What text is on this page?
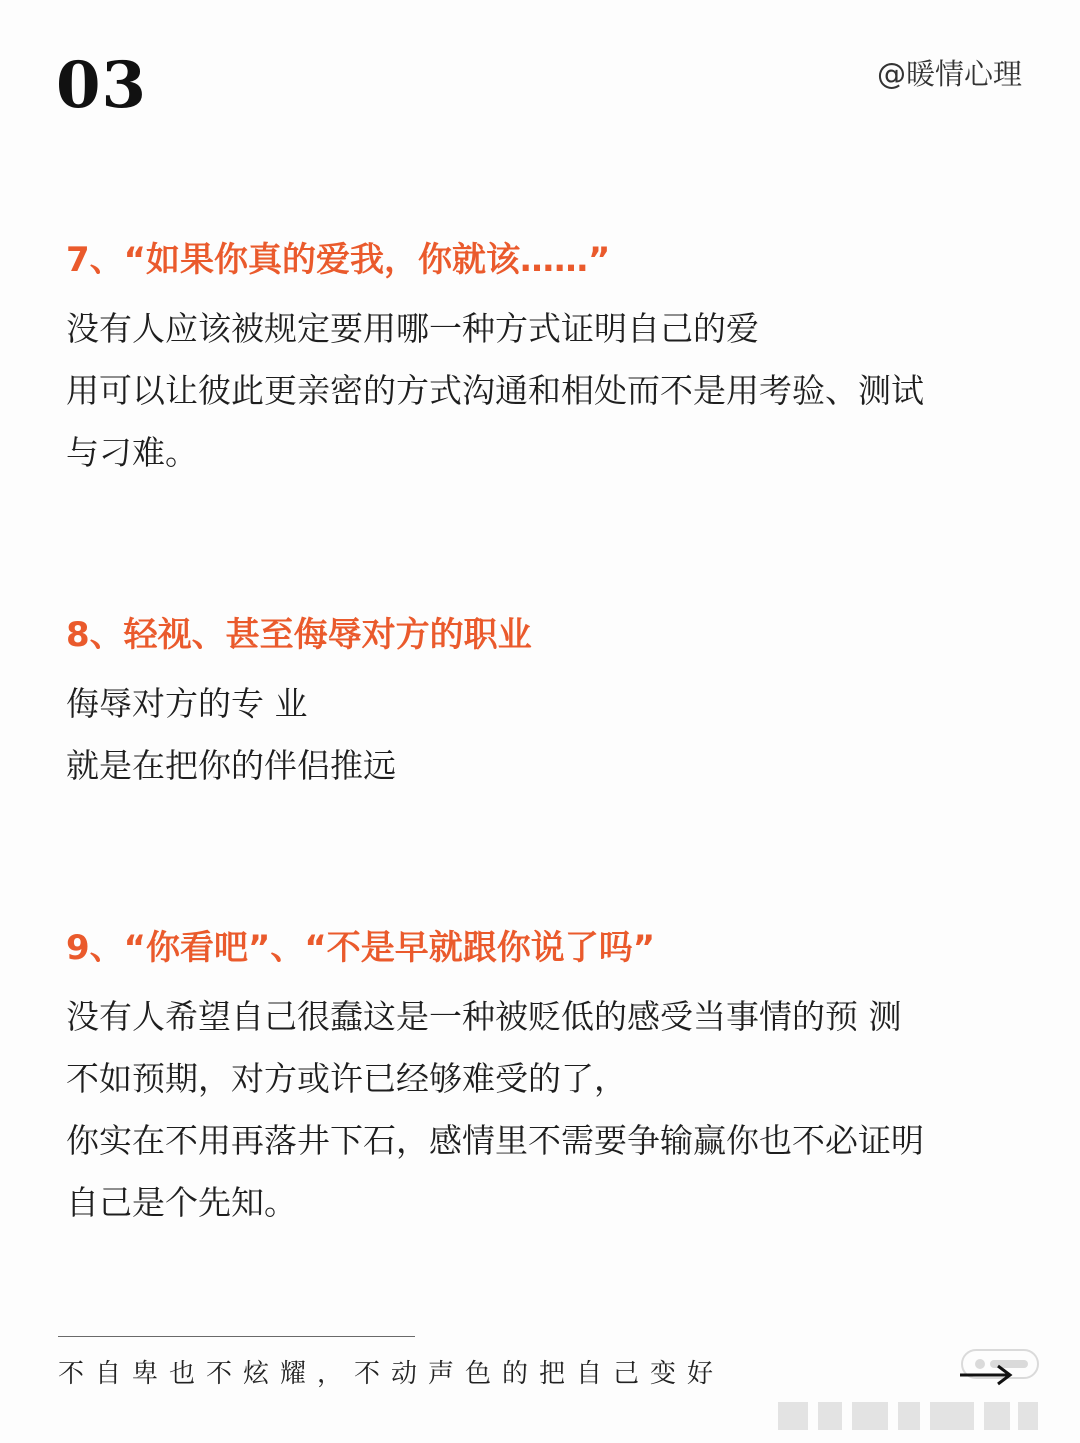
03	@暖情心理
7、“如果你真的爱我，你就该……”
没有人应该被规定要用哪一种方式证明自己的爱
用可以让彼此更亲密的方式沟通和相处而不是用考验、测试
与刁难。
8、轻视、甚至侮辱对方的职业
侮辱对方的专 业
就是在把你的伴侣推远
9、“你看吧”、“不是早就跟你说了吗”
没有人希望自己很蠢这是一种被贬低的感受当事情的预 测
不如预期，对方或许已经够难受的了，
你实在不用再落井下石，感情里不需要争输赢你也不必证明
自己是个先知。
不自卑也不炫耀，不动声色的把自己变好
